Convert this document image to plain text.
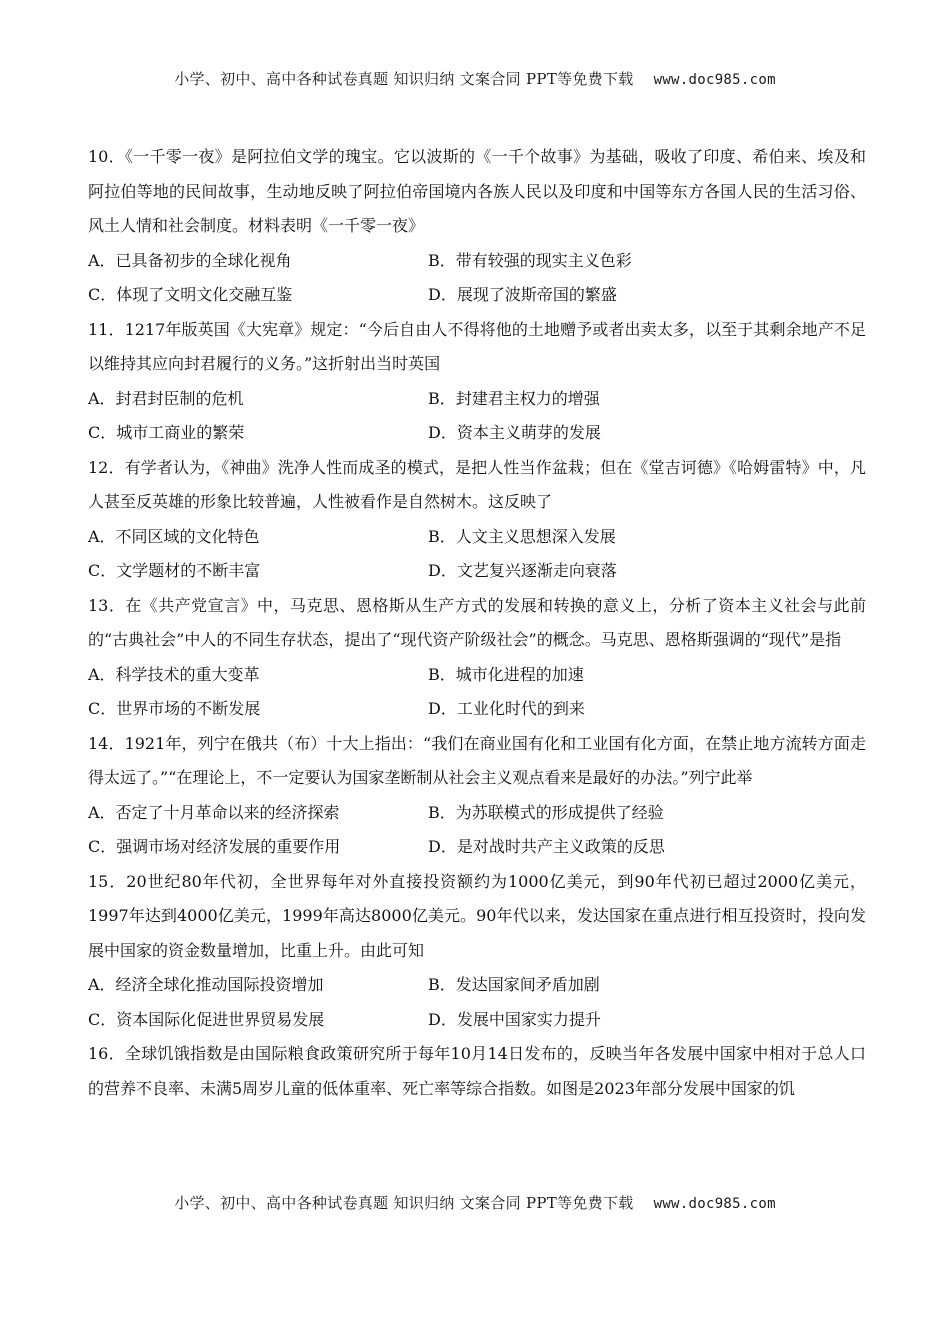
小学、初中、高中各种试卷真题 知识归纳 文案合同 PPT等免费下载 www.doc985.com

10．《一千零一夜》是阿拉伯文学的瑰宝。它以波斯的《一千个故事》为基础，吸收了印度、希伯来、埃及和阿拉伯等地的民间故事，生动地反映了阿拉伯帝国境内各族人民以及印度和中国等东方各国人民的生活习俗、风土人情和社会制度。材料表明《一千零一夜》

A．已具备初步的全球化视角	B．带有较强的现实主义色彩
C．体现了文明文化交融互鉴	D．展现了波斯帝国的繁盛

11．1217年版英国《大宪章》规定：“今后自由人不得将他的土地赠予或者出卖太多，以至于其剩余地产不足以维持其应向封君履行的义务。”这折射出当时英国

A．封君封臣制的危机	B．封建君主权力的增强
C．城市工商业的繁荣	D．资本主义萌芽的发展

12．有学者认为，《神曲》洗净人性而成圣的模式，是把人性当作盆栽；但在《堂吉诃德》《哈姆雷特》中，凡人甚至反英雄的形象比较普遍，人性被看作是自然树木。这反映了

A．不同区域的文化特色	B．人文主义思想深入发展
C．文学题材的不断丰富	D．文艺复兴逐渐走向衰落

13．在《共产党宣言》中，马克思、恩格斯从生产方式的发展和转换的意义上，分析了资本主义社会与此前的“古典社会”中人的不同生存状态，提出了“现代资产阶级社会”的概念。马克思、恩格斯强调的“现代”是指

A．科学技术的重大变革	B．城市化进程的加速
C．世界市场的不断发展	D．工业化时代的到来

14．1921年，列宁在俄共（布）十大上指出：“我们在商业国有化和工业国有化方面，在禁止地方流转方面走得太远了。”“在理论上，不一定要认为国家垄断制从社会主义观点看来是最好的办法。”列宁此举

A．否定了十月革命以来的经济探索	B．为苏联模式的形成提供了经验
C．强调市场对经济发展的重要作用	D．是对战时共产主义政策的反思

15．20世纪80年代初，全世界每年对外直接投资额约为1000亿美元，到90年代初已超过2000亿美元，1997年达到4000亿美元，1999年高达8000亿美元。90年代以来，发达国家在重点进行相互投资时，投向发展中国家的资金数量增加，比重上升。由此可知

A．经济全球化推动国际投资增加	B．发达国家间矛盾加剧
C．资本国际化促进世界贸易发展	D．发展中国家实力提升

16．全球饥饿指数是由国际粮食政策研究所于每年10月14日发布的，反映当年各发展中国家中相对于总人口的营养不良率、未满5周岁儿童的低体重率、死亡率等综合指数。如图是2023年部分发展中国家的饥

小学、初中、高中各种试卷真题 知识归纳 文案合同 PPT等免费下载 www.doc985.com
